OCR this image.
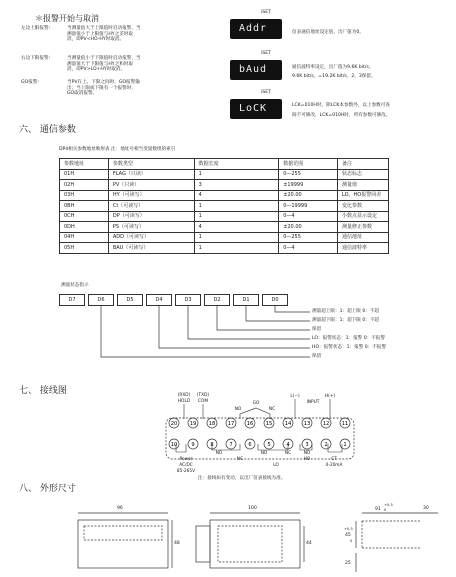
＊报警开始与取消
左边上限报警:	当测量值大于上限值时启动报警，当
测量值小于上限值与HY之差时取
消，即PV<HO-HY时取消。
右边下限报警:	当测量值小于下限值时启动报警，当
测量值大于下限值与HY之和时取
消，即PV>LO+HY时取消。
GO报警:	当PV在上、下限之间时，GO报警输
出；当上限或下限有一个报警时，
GO取消报警。
iSET
Addr	仪表通信地址设定值，出厂值为0。
iSET
bAud	通信波特率设定，出厂值为9.6K bit/s。
9.6K bit/s，=19.2K bit/s，2，3保留。
iSET
LoCK	LCK=010H时，除LCK本参数外，以上参数可查
阅不可修改，LCK=010H时，所有参数可修改。
六、 通信参数
DP4相关参数地址映射表 注：地址号相当变量数组的索引
参数地址	参数类型	数据长度	数据范围	备注
01H	FLAG（只读）	1	0—255	状态标志
02H	PV（只读）	3	±19999	测量值
03H	HY（可读写）	4	±20.00	LO、HO报警回差
0BH	Ct（可读写）	1	0—19999	变比参数
0CH	DP（可读写）	1	0—4	小数点显示设定
0DH	PS（可读写）	4	±20.00	测量修正参数
04H	ADD（可读写）	1	0—255	通信地址
05H	BAU（可读写）	1	0—4	通信波特率
测量状态指示
D7	D6	D5	D4	D3	D2	D1	D0
测量超上限：1：超上限 0：不超
测量超下限：1：超下限 0：不超
保留
LO：报警状态：1：报警 0：不报警
HO：报警状态：1：报警 0：不报警
保留
七、 接线图	(RXD)
HOLD
(TXD)
COM
NO
GO
NC
L(−)
INPUT
H(+)
Power
AC/DC
85-265V
NO
NC
NO
LO
NC	NO
HO	CT
4-20mA
20 19 18 17 16 15 14 13 12 11
10	9	8	7	6	5	4	3	2	1
注：接线如有变动，以出厂仪表接线为准。
八、 外形尺寸
96
48
100
44
91
+0.5
0	30
45
+0.5
0
25
